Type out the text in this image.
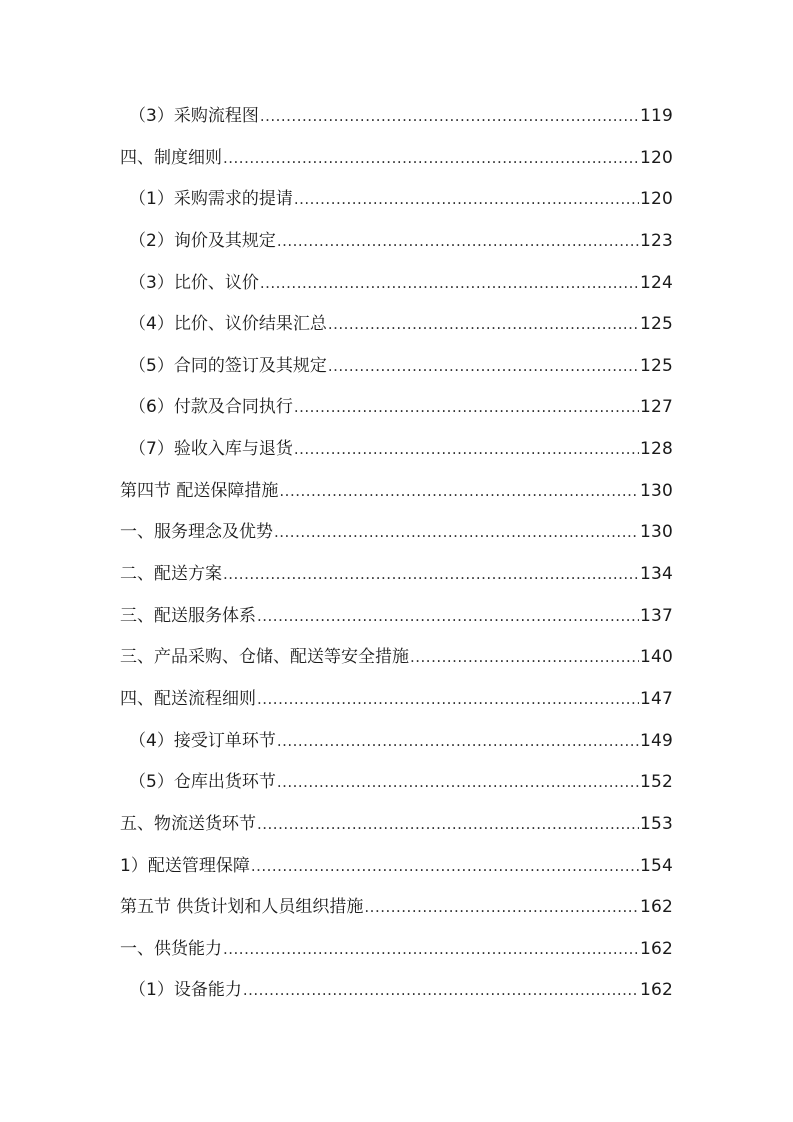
（3）采购流程图 .....	119
四、制度细则 .....	120
（1）采购需求的提请 .....	120
（2）询价及其规定 .....	123
（3）比价、议价 .....	124
（4）比价、议价结果汇总 .....	125
（5）合同的签订及其规定 .....	125
（6）付款及合同执行 .....	127
（7）验收入库与退货 .....	128
第四节 配送保障措施 .....	130
一、服务理念及优势 .....	130
二、配送方案 .....	134
三、配送服务体系 .....	137
三、产品采购、仓储、配送等安全措施 .....	140
四、配送流程细则 .....	147
（4）接受订单环节 .....	149
（5）仓库出货环节 .....	152
五、物流送货环节 .....	153
1）配送管理保障 .....	154
第五节 供货计划和人员组织措施 .....	162
一、供货能力 .....	162
（1）设备能力 .....	162
